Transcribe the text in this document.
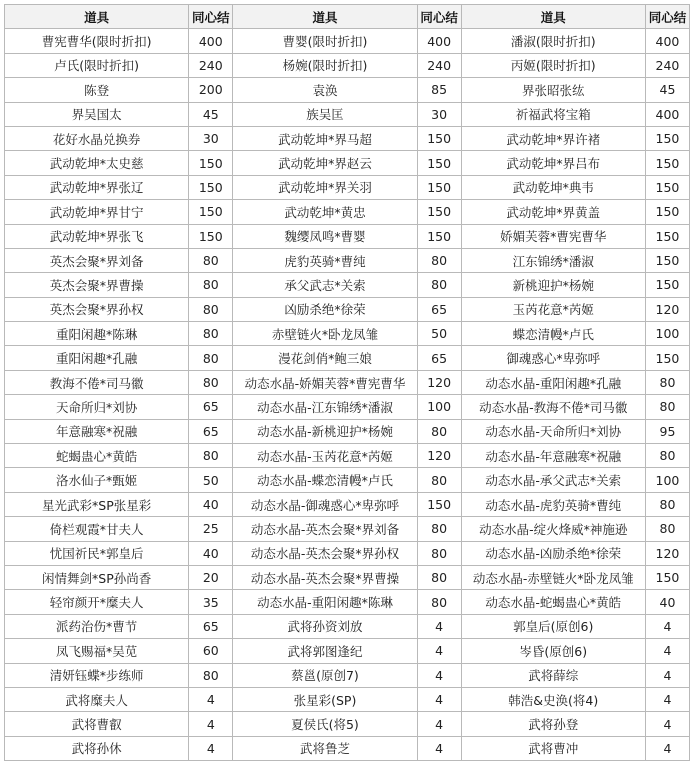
道具	同心结	道具	同心结	道具	同心结
曹宪曹华(限时折扣)	400	曹婴(限时折扣)	400	潘淑(限时折扣)	400
卢氏(限时折扣)	240	杨婉(限时折扣)	240	丙姬(限时折扣)	240
陈登	200	袁涣	85	界张昭张纮	45
界吴国太	45	族吴匡	30	祈福武将宝箱	400
花好水晶兑换券	30	武动乾坤*界马超	150	武动乾坤*界许褚	150
武动乾坤*太史慈	150	武动乾坤*界赵云	150	武动乾坤*界吕布	150
武动乾坤*界张辽	150	武动乾坤*界关羽	150	武动乾坤*典韦	150
武动乾坤*界甘宁	150	武动乾坤*黄忠	150	武动乾坤*界黄盖	150
武动乾坤*界张飞	150	魏缨凤鸣*曹婴	150	娇媚芙蓉*曹宪曹华	150
英杰会聚*界刘备	80	虎豹英骑*曹纯	80	江东锦绣*潘淑	150
英杰会聚*界曹操	80	承父武志*关索	80	新桃迎护*杨婉	150
英杰会聚*界孙权	80	凶励杀绝*徐荣	65	玉芮花意*芮姬	120
重阳闲趣*陈琳	80	赤壁链火*卧龙凤雏	50	蝶恋清幔*卢氏	100
重阳闲趣*孔融	80	漫花剑俏*鲍三娘	65	御魂惑心*卑弥呼	150
教海不倦*司马徽	80	动态水晶-娇媚芙蓉*曹宪曹华	120	动态水晶-重阳闲趣*孔融	80
天命所归*刘协	65	动态水晶-江东锦绣*潘淑	100	动态水晶-教海不倦*司马徽	80
年意融寒*祝融	65	动态水晶-新桃迎护*杨婉	80	动态水晶-天命所归*刘协	95
蛇蝎蛊心*黄皓	80	动态水晶-玉芮花意*芮姬	120	动态水晶-年意融寒*祝融	80
洛水仙子*甄姬	50	动态水晶-蝶恋清幔*卢氏	80	动态水晶-承父武志*关索	100
星光武彩*SP张星彩	40	动态水晶-御魂惑心*卑弥呼	150	动态水晶-虎豹英骑*曹纯	80
倚栏观霞*甘夫人	25	动态水晶-英杰会聚*界刘备	80	动态水晶-绽火烽威*神施逊	80
忧国祈民*郭皇后	40	动态水晶-英杰会聚*界孙权	80	动态水晶-凶励杀绝*徐荣	120
闲情舞剑*SP孙尚香	20	动态水晶-英杰会聚*界曹操	80	动态水晶-赤壁链火*卧龙凤雏	150
轻帘颜开*糜夫人	35	动态水晶-重阳闲趣*陈琳	80	动态水晶-蛇蝎蛊心*黄皓	40
派药治伤*曹节	65	武将孙资刘放	4	郭皇后(原创6)	4
凤飞赐福*吴苋	60	武将郭图逢纪	4	岑昏(原创6)	4
清妍钰蝶*步练师	80	蔡邕(原创7)	4	武将薛综	4
武将糜夫人	4	张星彩(SP)	4	韩浩&史涣(将4)	4
武将曹叡	4	夏侯氏(将5)	4	武将孙登	4
武将孙休	4	武将鲁芝	4	武将曹冲	4
